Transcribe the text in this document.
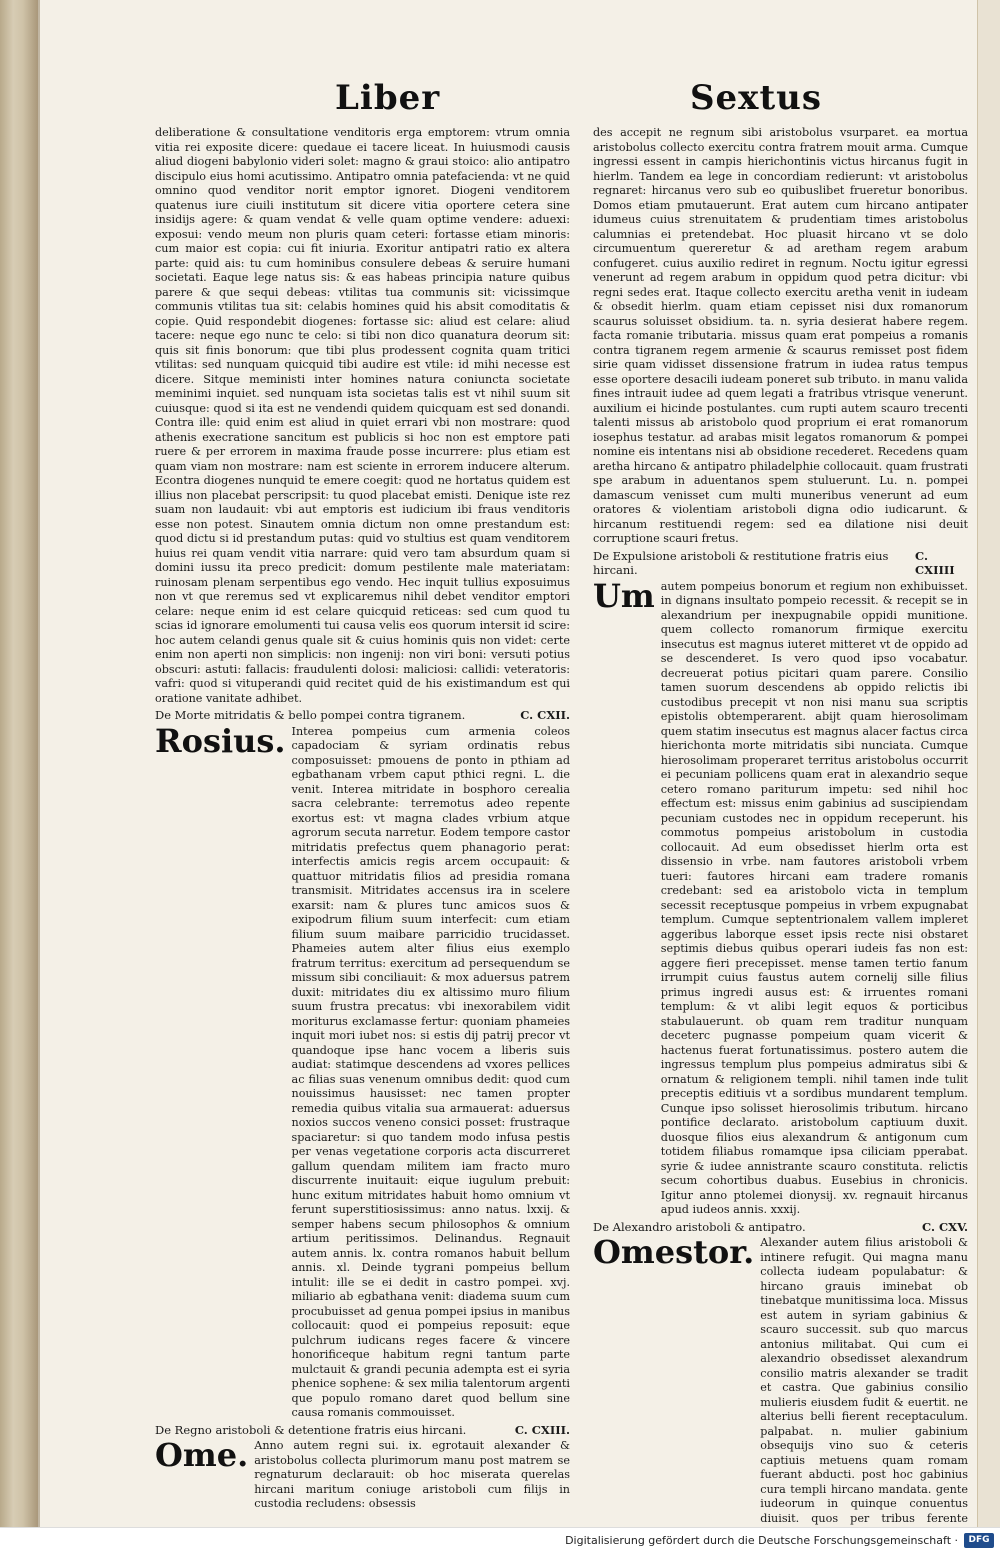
Liber	Sextus

deliberatione & consultatione venditoris erga emptorem: vtrum omnia vitia rei exposite dicere: quedaue ei tacere liceat. In huiusmodi causis aliud diogeni babylonio videri solet: magno & graui stoico: alio antipatro discipulo eius homi acutissimo. Antipatro omnia patefacienda: vt ne quid omnino quod venditor norit emptor ignoret. Diogeni venditorem quatenus iure ciuili institutum sit dicere vitia oportere cetera sine insidijs agere: & quam vendat & velle quam optime vendere: aduexi: exposui: vendo meum non pluris quam ceteri: fortasse etiam minoris: cum maior est copia: cui fit iniuria. Exoritur antipatri ratio ex altera parte: quid ais: tu cum hominibus consulere debeas & seruire humani societati. Eaque lege natus sis: & eas habeas principia nature quibus parere & que sequi debeas: vtilitas tua communis sit: vicissimque communis vtilitas tua sit: celabis homines quid his absit comoditatis & copie. Quid respondebit diogenes: fortasse sic: aliud est celare: aliud tacere: neque ego nunc te celo: si tibi non dico quanatura deorum sit: quis sit finis bonorum: que tibi plus prodessent cognita quam tritici vtilitas: sed nunquam quicquid tibi audire est vtile: id mihi necesse est dicere. Sitque meministi inter homines natura coniuncta societate meminimi inquiet. sed nunquam ista societas talis est vt nihil suum sit cuiusque: quod si ita est ne vendendi quidem quicquam est sed donandi. Contra ille: quid enim est aliud in quiet errari vbi non mostrare: quod athenis execratione sancitum est publicis si hoc non est emptore pati ruere & per errorem in maxima fraude posse incurrere: plus etiam est quam viam non mostrare: nam est sciente in errorem inducere alterum. Econtra diogenes nunquid te emere coegit: quod ne hortatus quidem est illius non placebat perscripsit: tu quod placebat emisti. Denique iste rez suam non laudauit: vbi aut emptoris est iudicium ibi fraus venditoris esse non potest. Sinautem omnia dictum non omne prestandum est: quod dictu si id prestandum putas: quid vo stultius est quam venditorem huius rei quam vendit vitia narrare: quid vero tam absurdum quam si domini iussu ita preco predicit: domum pestilente male materiatam: ruinosam plenam serpentibus ego vendo. Hec inquit tullius exposuimus non vt que reremus sed vt explicaremus nihil debet venditor emptori celare: neque enim id est celare quicquid reticeas: sed cum quod tu scias id ignorare emolumenti tui causa velis eos quorum intersit id scire: hoc autem celandi genus quale sit & cuius hominis quis non videt: certe enim non aperti non simplicis: non ingenij: non viri boni: versuti potius obscuri: astuti: fallacis: fraudulenti dolosi: maliciosi: callidi: veteratoris: vafri: quod si vituperandi quid recitet quid de his existimandum est qui oratione vanitate adhibet.

De Morte mitridatis & bello pompei contra tigranem.	C. CXII.
Rosius. Interea pompeius cum armenia coleos capadociam & syriam ordinatis rebus composuisset: pmouens de ponto in pthiam ad egbathanam vrbem caput pthici regni. L. die venit. Interea mitridate in bosphoro cerealia sacra celebrante: terremotus adeo repente exortus est: vt magna clades vrbium atque agrorum secuta narretur. Eodem tempore castor mitridatis prefectus quem phanagorio perat: interfectis amicis regis arcem occupauit: & quattuor mitridatis filios ad presidia romana transmisit. Mitridates accensus ira in scelere exarsit: nam & plures tunc amicos suos & exipodrum filium suum interfecit: cum etiam filium suum maibare parricidio trucidasset. Phameies autem alter filius eius exemplo fratrum territus: exercitum ad persequendum se missum sibi conciliauit: & mox aduersus patrem duxit: mitridates diu ex altissimo muro filium suum frustra precatus: vbi inexorabilem vidit moriturus exclamasse fertur: quoniam phameies inquit mori iubet nos: si estis dij patrij precor vt quandoque ipse hanc vocem a liberis suis audiat: statimque descendens ad vxores pellices ac filias suas venenum omnibus dedit: quod cum nouissimus hausisset: nec tamen propter remedia quibus vitalia sua armauerat: aduersus noxios succos veneno consici posset: frustraque spaciaretur: si quo tandem modo infusa pestis per venas vegetatione corporis acta discurreret gallum quendam militem iam fracto muro discurrente inuitauit: eique iugulum prebuit: hunc exitum mitridates habuit homo omnium vt ferunt superstitiosissimus: anno natus. lxxij. & semper habens secum philosophos & omnium artium peritissimos. Delinandus. Regnauit autem annis. lx. contra romanos habuit bellum annis. xl. Deinde tygrani pompeius bellum intulit: ille se ei dedit in castro pompei. xvj. miliario ab egbathana venit: diadema suum cum procubuisset ad genua pompei ipsius in manibus collocauit: quod ei pompeius reposuit: eque pulchrum iudicans reges facere & vincere honorificeque habitum regni tantum parte mulctauit & grandi pecunia adempta est ei syria phenice sophene: & sex milia talentorum argenti que populo romano daret quod bellum sine causa romanis commouisset.

De Regno aristoboli & detentione fratris eius hircani.	C. CXIII.
Ome. Anno autem regni sui. ix. egrotauit alexander & aristobolus collecta plurimorum manu post matrem se regnaturum declarauit: ob hoc miserata querelas hircani maritum coniuge aristoboli cum filijs in custodia recludens: obsessis

des accepit ne regnum sibi aristobolus vsurparet. ea mortua aristobolus collecto exercitu contra fratrem mouit arma. Cumque ingressi essent in campis hierichontinis victus hircanus fugit in hierlm. Tandem ea lege in concordiam redierunt: vt aristobolus regnaret: hircanus vero sub eo quibuslibet frueretur bonoribus. Domos etiam pmutauerunt. Erat autem cum hircano antipater idumeus cuius strenuitatem & prudentiam times aristobolus calumnias ei pretendebat. Hoc pluasit hircano vt se dolo circumuentum quereretur & ad aretham regem arabum confugeret. cuius auxilio rediret in regnum. Noctu igitur egressi venerunt ad regem arabum in oppidum quod petra dicitur: vbi regni sedes erat. Itaque collecto exercitu aretha venit in iudeam & obsedit hierlm. quam etiam cepisset nisi dux romanorum scaurus soluisset obsidium. ta. n. syria desierat habere regem. facta romanie tributaria. missus quam erat pompeius a romanis contra tigranem regem armenie & scaurus remisset post fidem sirie quam vidisset dissensione fratrum in iudea ratus tempus esse oportere desacili iudeam poneret sub tributo. in manu valida fines intrauit iudee ad quem legati a fratribus vtrisque venerunt. auxilium ei hicinde postulantes. cum rupti autem scauro trecenti talenti missus ab aristobolo quod proprium ei erat romanorum iosephus testatur. ad arabas misit legatos romanorum & pompei nomine eis intentans nisi ab obsidione recederet. Recedens quam aretha hircano & antipatro philadelphie collocauit. quam frustrati spe arabum in aduentanos spem stuluerunt. Lu. n. pompei damascum venisset cum multi muneribus venerunt ad eum oratores & violentiam aristoboli digna odio iudicarunt. & hircanum restituendi regem: sed ea dilatione nisi deuit corruptione scauri fretus.

De Expulsione aristoboli & restitutione fratris eius hircani.
C. CXIIII
Um autem pompeius bonorum et regium non exhibuisset. in dignans insultato pompeio recessit. & recepit se in alexandrium per inexpugnabile oppidi munitione. quem collecto romanorum firmique exercitu insecutus est magnus iuteret mitteret vt de oppido ad se descenderet. Is vero quod ipso vocabatur. decreuerat potius picitari quam parere. Consilio tamen suorum descendens ab oppido relictis ibi custodibus precepit vt non nisi manu sua scriptis epistolis obtemperarent. abijt quam hierosolimam quem statim insecutus est magnus alacer factus circa hierichonta morte mitridatis sibi nunciata. Cumque hierosolimam properaret territus aristobolus occurrit ei pecuniam pollicens quam erat in alexandrio seque cetero romano pariturum impetu: sed nihil hoc effectum est: missus enim gabinius ad suscipiendam pecuniam custodes nec in oppidum receperunt. his commotus pompeius aristobolum in custodia collocauit. Ad eum obsedisset hierlm orta est dissensio in vrbe. nam fautores aristoboli vrbem tueri: fautores hircani eam tradere romanis credebant: sed ea aristobolo victa in templum secessit receptusque pompeius in vrbem expugnabat templum. Cumque septentrionalem vallem impleret aggeribus laborque esset ipsis recte nisi obstaret septimis diebus quibus operari iudeis fas non est: aggere fieri precepisset. mense tamen tertio fanum irrumpit cuius faustus autem cornelij sille filius primus ingredi ausus est: & irruentes romani templum: & vt alibi legit equos & porticibus stabulauerunt. ob quam rem traditur nunquam deceterc pugnasse pompeium quam vicerit & hactenus fuerat fortunatissimus. postero autem die ingressus templum plus pompeius admiratus sibi & ornatum & religionem templi. nihil tamen inde tulit preceptis editiuis vt a sordibus mundarent templum. Cunque ipso solisset hierosolimis tributum. hircano pontifice declarato. aristobolum captiuum duxit. duosque filios eius alexandrum & antigonum cum totidem filiabus romamque ipsa ciliciam pperabat. syrie & iudee annistrante scauro constituta. relictis secum cohortibus duabus. Eusebius in chronicis. Igitur anno ptolemei dionysij. xv. regnauit hircanus apud iudeos annis. xxxij.

De Alexandro aristoboli & antipatro.	C. CXV.
Omestor. Alexander autem filius aristoboli & intinere refugit. Qui magna manu collecta iudeam populabatur: & hircano grauis iminebat ob tinebatque munitissima loca. Missus est autem in syriam gabinius & scauro successit. sub quo marcus antonius militabat. Qui cum ei alexandrio obsedisset alexandrum consilio matris alexander se tradit et castra. Que gabinius consilio mulieris eiusdem fudit & euertit. ne alterius belli fierent receptaculum. palpabat. n. mulier gabinium obsequijs vino suo & ceteris captiuis metuens quam romam fuerant abducti. post hoc gabinius cura templi hircano mandata. gente iudeorum in quinque conuentus diuisit. quos per tribus ferente

Digitalisierung gefördert durch die Deutsche Forschungsgemeinschaft ·	DFG
